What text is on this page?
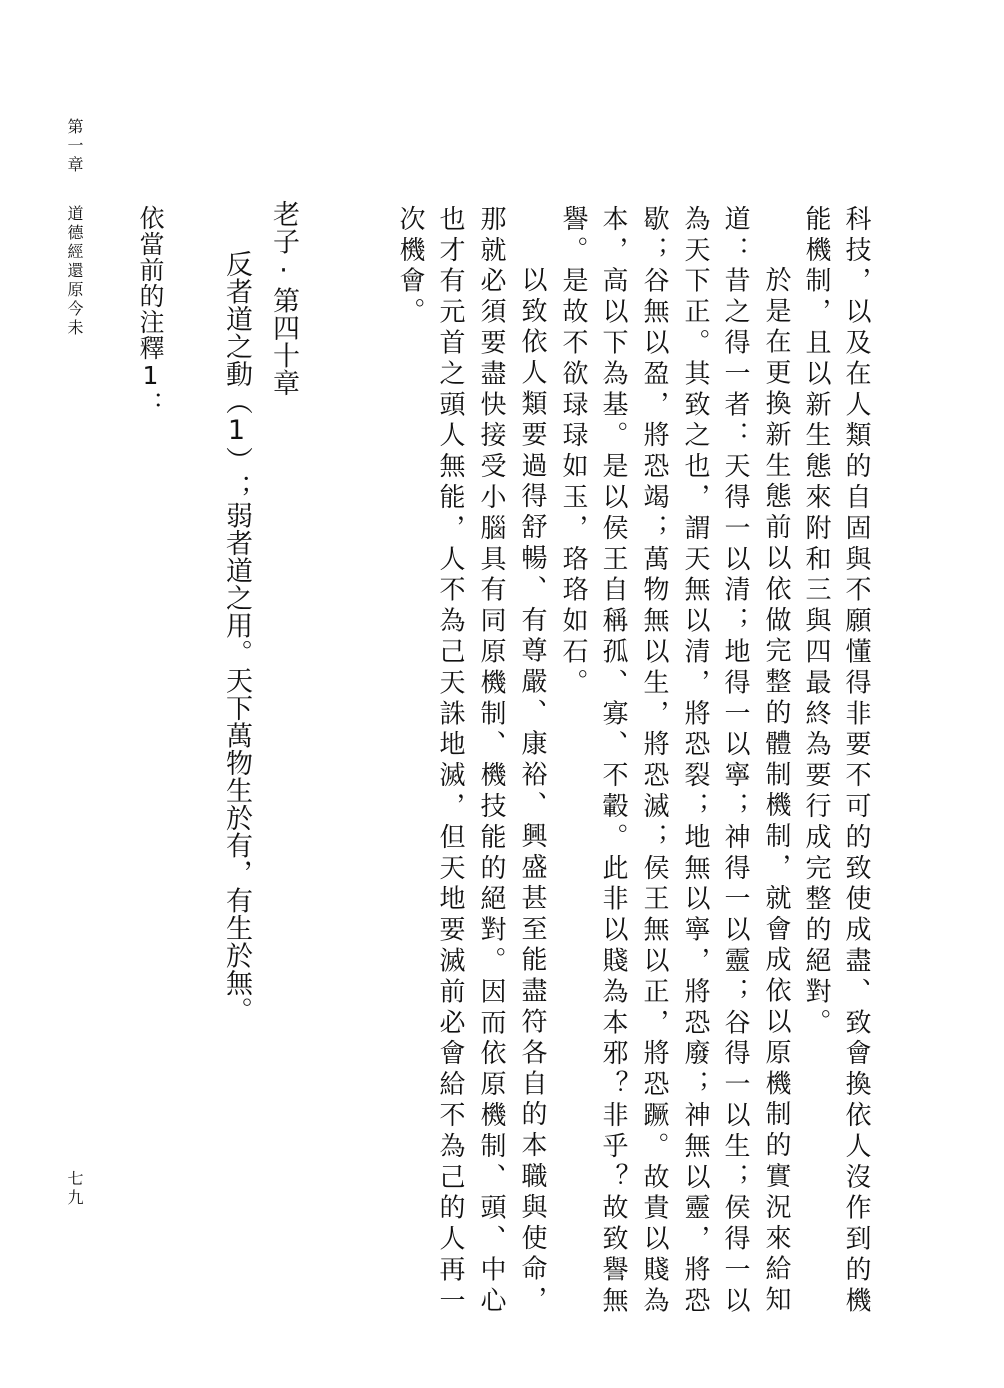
第一章
道德經還原今未
七九	科技，以及在人類的自固與不願懂得非要不可的致使成盡、致會換依人沒作到的機

能機制，且以新生態來附和三與四最終為要行成完整的絕對。

於是在更換新生態前以依做完整的體制機制，就會成依以原機制的實況來給知

道：昔之得一者：天得一以清；地得一以寧；神得一以靈；谷得一以生；侯得一以

為天下正。其致之也，謂天無以清，將恐裂；地無以寧，將恐廢；神無以靈，將恐

歇；谷無以盈，將恐竭；萬物無以生，將恐滅；侯王無以正，將恐蹶。故貴以賤為

本，高以下為基。是以侯王自稱孤、寡、不轂。此非以賤為本邪？非乎？故致譽無

譽。是故不欲琭琭如玉，珞珞如石。

以致依人類要過得舒暢、有尊嚴、康裕、興盛甚至能盡符各自的本職與使命，

那就必須要盡快接受小腦具有同原機制、機技能的絕對。因而依原機制、頭、中心

也才有元首之頭人無能，人不為己天誅地滅，但天地要滅前必會給不為己的人再一

次機會。

老子·第四十章

反者道之動（1）；弱者道之用。天下萬物生於有，有生於無。

依當前的注釋1：
